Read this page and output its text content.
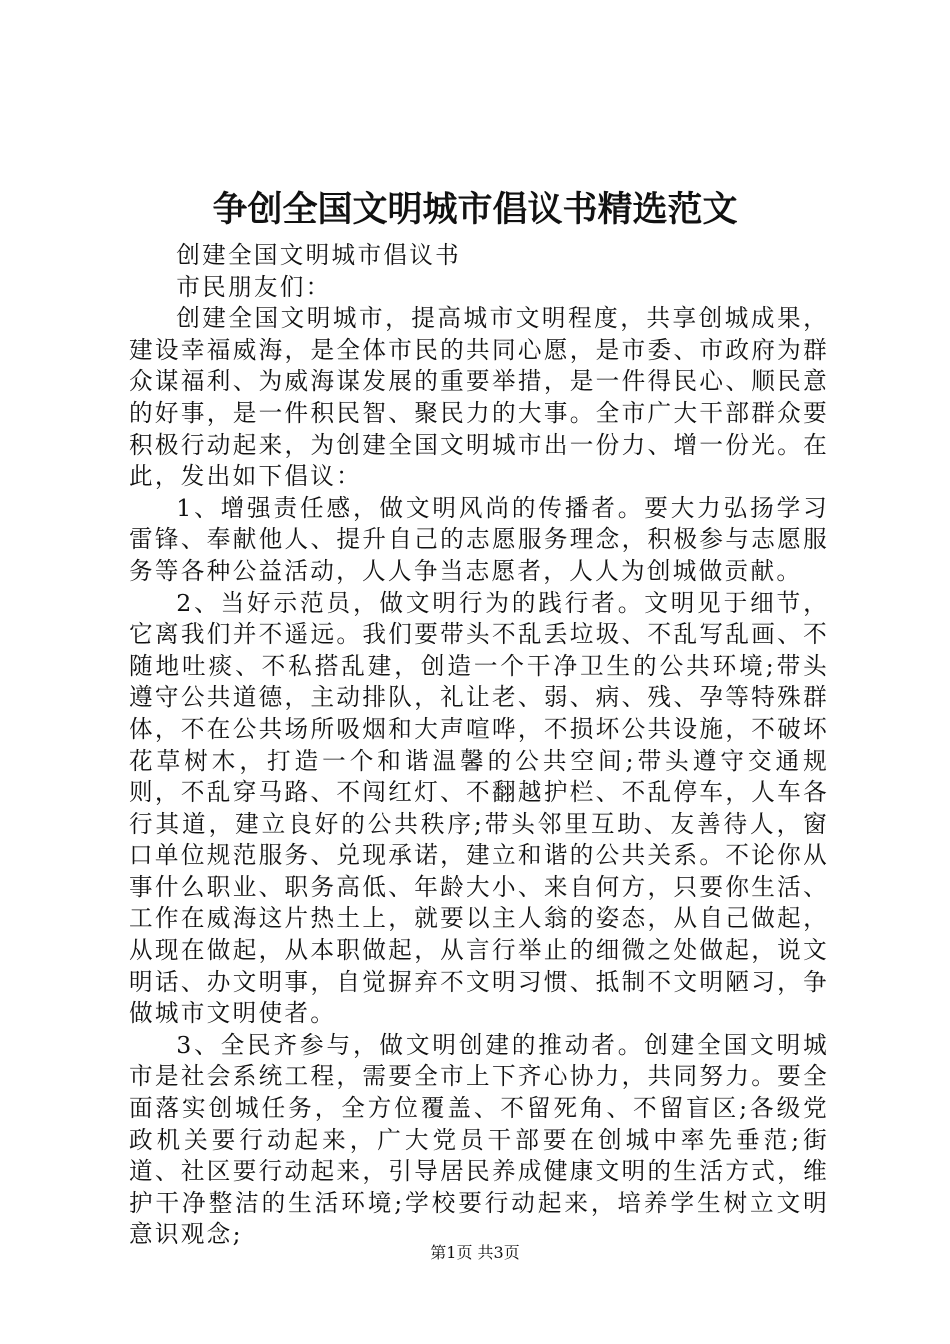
争创全国文明城市倡议书精选范文

创建全国文明城市倡议书

市民朋友们：

创建全国文明城市，提高城市文明程度，共享创城成果，建设幸福威海，是全体市民的共同心愿，是市委、市政府为群众谋福利、为威海谋发展的重要举措，是一件得民心、顺民意的好事，是一件积民智、聚民力的大事。全市广大干部群众要积极行动起来，为创建全国文明城市出一份力、增一份光。在此，发出如下倡议：

1、增强责任感，做文明风尚的传播者。要大力弘扬学习雷锋、奉献他人、提升自己的志愿服务理念，积极参与志愿服务等各种公益活动，人人争当志愿者，人人为创城做贡献。

2、当好示范员，做文明行为的践行者。文明见于细节，它离我们并不遥远。我们要带头不乱丢垃圾、不乱写乱画、不随地吐痰、不私搭乱建，创造一个干净卫生的公共环境;带头遵守公共道德，主动排队，礼让老、弱、病、残、孕等特殊群体，不在公共场所吸烟和大声喧哗，不损坏公共设施，不破坏花草树木，打造一个和谐温馨的公共空间;带头遵守交通规则，不乱穿马路、不闯红灯、不翻越护栏、不乱停车，人车各行其道，建立良好的公共秩序;带头邻里互助、友善待人，窗口单位规范服务、兑现承诺，建立和谐的公共关系。不论你从事什么职业、职务高低、年龄大小、来自何方，只要你生活、工作在威海这片热土上，就要以主人翁的姿态，从自己做起，从现在做起，从本职做起，从言行举止的细微之处做起，说文明话、办文明事，自觉摒弃不文明习惯、抵制不文明陋习，争做城市文明使者。

3、全民齐参与，做文明创建的推动者。创建全国文明城市是社会系统工程，需要全市上下齐心协力，共同努力。要全面落实创城任务，全方位覆盖、不留死角、不留盲区;各级党政机关要行动起来，广大党员干部要在创城中率先垂范;街道、社区要行动起来，引导居民养成健康文明的生活方式，维护干净整洁的生活环境;学校要行动起来，培养学生树立文明意识观念;

第1页 共3页
